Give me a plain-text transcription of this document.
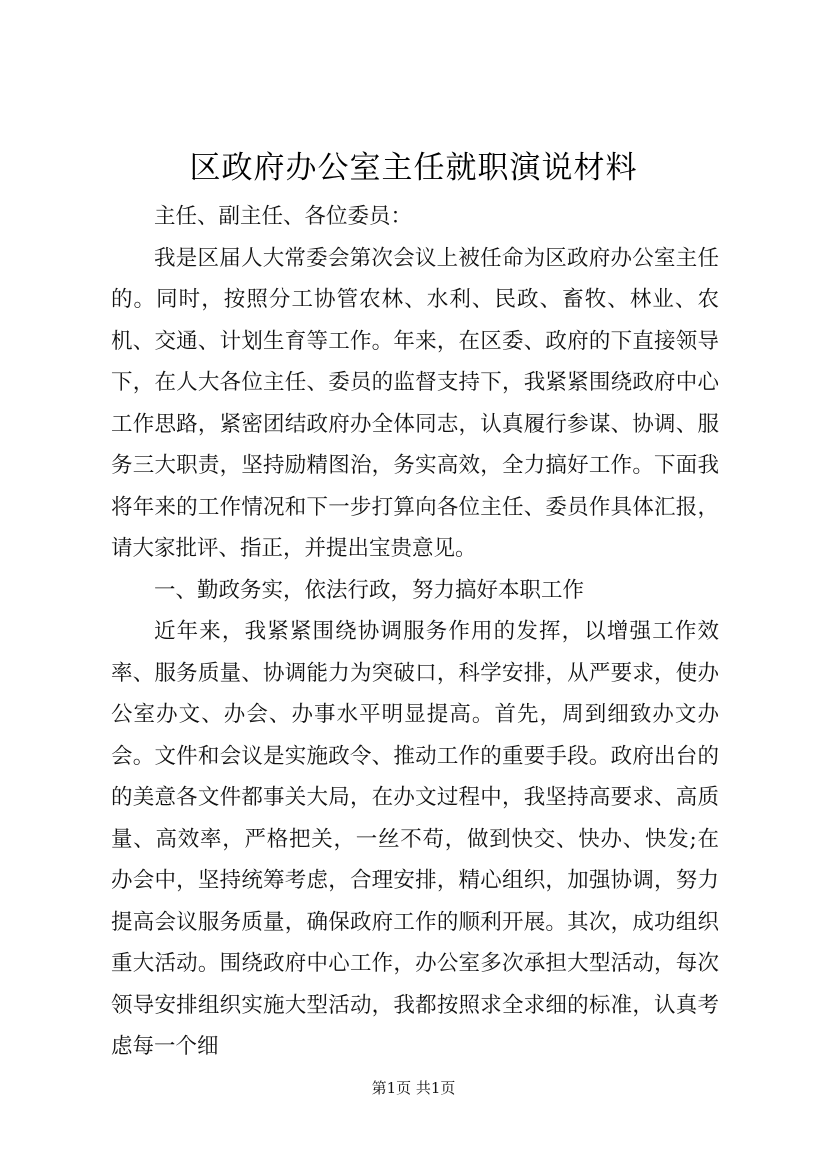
区政府办公室主任就职演说材料

主任、副主任、各位委员：

我是区届人大常委会第次会议上被任命为区政府办公室主任的。同时，按照分工协管农林、水利、民政、畜牧、林业、农机、交通、计划生育等工作。年来，在区委、政府的下直接领导下，在人大各位主任、委员的监督支持下，我紧紧围绕政府中心工作思路，紧密团结政府办全体同志，认真履行参谋、协调、服务三大职责，坚持励精图治，务实高效，全力搞好工作。下面我将年来的工作情况和下一步打算向各位主任、委员作具体汇报，请大家批评、指正，并提出宝贵意见。

一、勤政务实，依法行政，努力搞好本职工作

近年来，我紧紧围绕协调服务作用的发挥，以增强工作效率、服务质量、协调能力为突破口，科学安排，从严要求，使办公室办文、办会、办事水平明显提高。首先，周到细致办文办会。文件和会议是实施政令、推动工作的重要手段。政府出台的的美意各文件都事关大局，在办文过程中，我坚持高要求、高质量、高效率，严格把关，一丝不苟，做到快交、快办、快发;在办会中，坚持统筹考虑，合理安排，精心组织，加强协调，努力提高会议服务质量，确保政府工作的顺利开展。其次，成功组织重大活动。围绕政府中心工作，办公室多次承担大型活动，每次领导安排组织实施大型活动，我都按照求全求细的标准，认真考虑每一个细

第1页 共1页
